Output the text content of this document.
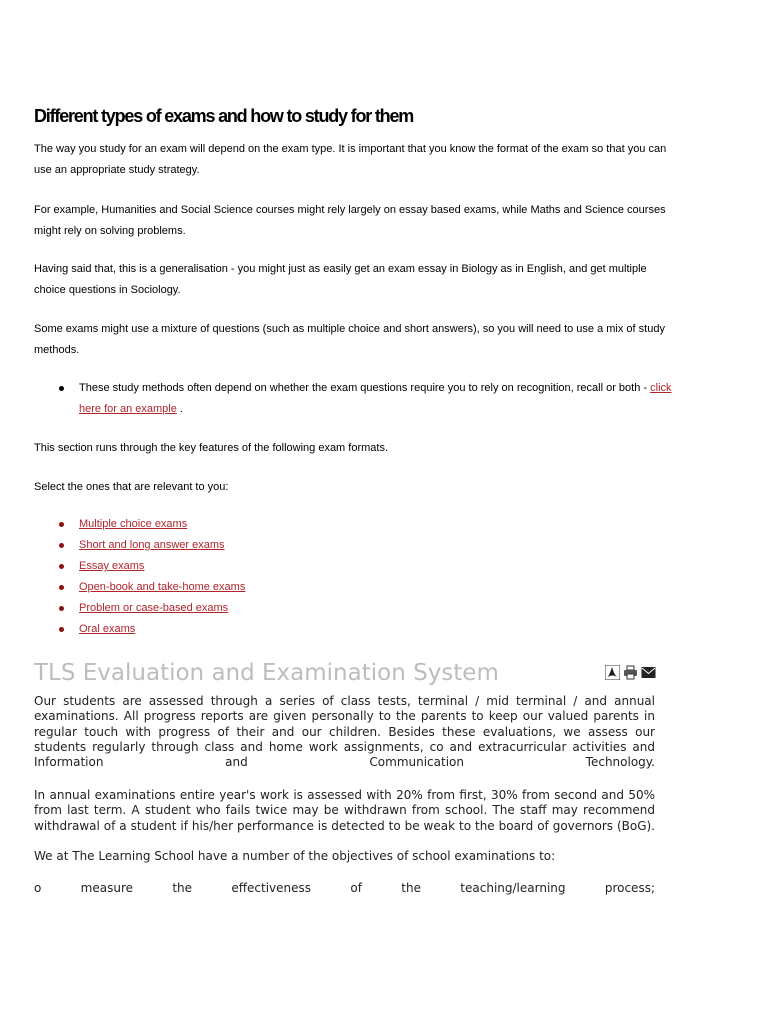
Different types of exams and how to study for them

The way you study for an exam will depend on the exam type. It is important that you know the format of the exam so that you can use an appropriate study strategy.

For example, Humanities and Social Science courses might rely largely on essay based exams, while Maths and Science courses might rely on solving problems.

Having said that, this is a generalisation - you might just as easily get an exam essay in Biology as in English, and get multiple choice questions in Sociology.

Some exams might use a mixture of questions (such as multiple choice and short answers), so you will need to use a mix of study methods.

These study methods often depend on whether the exam questions require you to rely on recognition, recall or both - click here for an example .

This section runs through the key features of the following exam formats.

Select the ones that are relevant to you:

Multiple choice exams
Short and long answer exams
Essay exams
Open-book and take-home exams
Problem or case-based exams
Oral exams
TLS Evaluation and Examination System

Our students are assessed through a series of class tests, terminal / mid terminal / and annual examinations. All progress reports are given personally to the parents to keep our valued parents in regular touch with progress of their and our children. Besides these evaluations, we assess our students regularly through class and home work assignments, co and extracurricular activities and Information and Communication Technology.

In annual examinations entire year's work is assessed with 20% from first, 30% from second and 50% from last term. A student who fails twice may be withdrawn from school. The staff may recommend withdrawal of a student if his/her performance is detected to be weak to the board of governors (BoG).

We at The Learning School have a number of the objectives of school examinations to:

o measure the effectiveness of the teaching/learning process;
